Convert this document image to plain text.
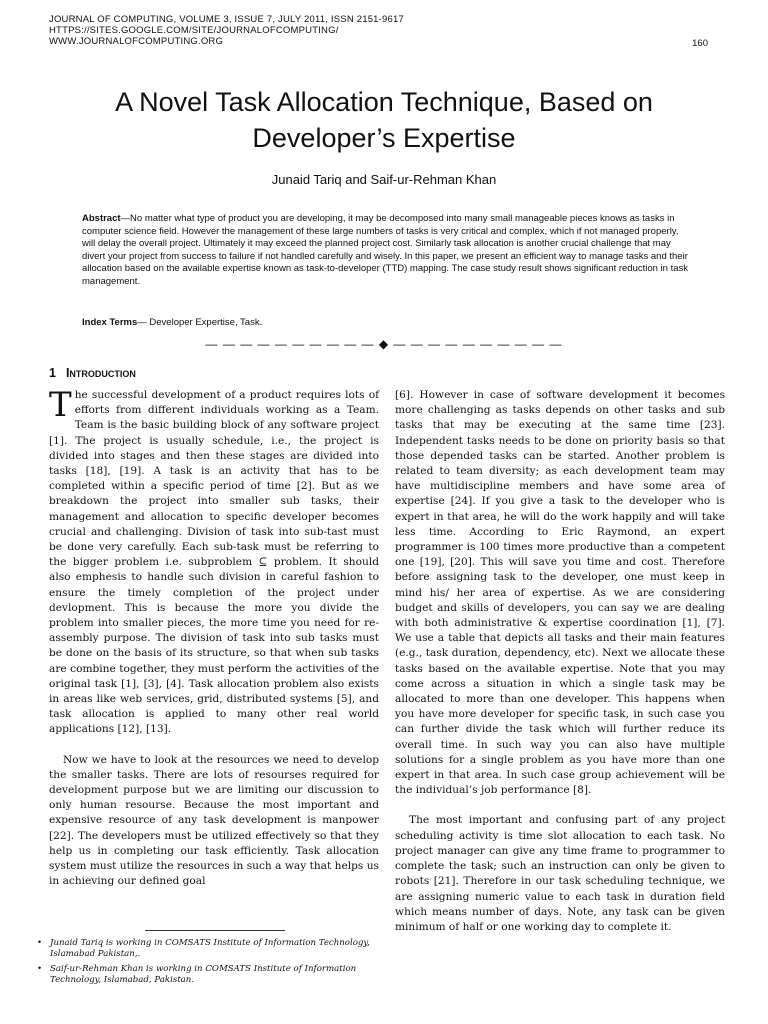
JOURNAL OF COMPUTING, VOLUME 3, ISSUE 7, JULY 2011, ISSN 2151-9617
HTTPS://SITES.GOOGLE.COM/SITE/JOURNALOFCOMPUTING/
WWW.JOURNALOFCOMPUTING.ORG	160
A Novel Task Allocation Technique, Based on
Developer’s Expertise
Junaid Tariq and Saif-ur-Rehman Khan

Abstract—No matter what type of product you are developing, it may be decomposed into many small manageable pieces knows as tasks in computer science field. However the management of these large numbers of tasks is very critical and complex, which if not managed properly, will delay the overall project. Ultimately it may exceed the planned project cost. Similarly task allocation is another crucial challenge that may divert your project from success to failure if not handled carefully and wisely. In this paper, we present an efficient way to manage tasks and their allocation based on the available expertise known as task-to-developer (TTD) mapping. The case study result shows significant reduction in task management.

Index Terms— Developer Expertise, Task.

— — — — — — — — — — ◆ — — — — — — — — — —
1 Introduction

The successful development of a product requires lots of efforts from different individuals working as a Team. Team is the basic building block of any software project [1]. The project is usually schedule, i.e., the project is divided into stages and then these stages are divided into tasks [18], [19]. A task is an activity that has to be completed within a specific period of time [2]. But as we breakdown the project into smaller sub tasks, their management and allocation to specific developer becomes crucial and challenging. Division of task into sub-tast must be done very carefully. Each sub-task must be referring to the bigger problem i.e. subproblem ⊆ problem. It should also emphesis to handle such division in careful fashion to ensure the timely completion of the project under devlopment. This is because the more you divide the problem into smaller pieces, the more time you need for re-assembly purpose. The division of task into sub tasks must be done on the basis of its structure, so that when sub tasks are combine together, they must perform the activities of the original task [1], [3], [4]. Task allocation problem also exists in areas like web services, grid, distributed systems [5], and task allocation is applied to many other real world applications [12], [13].

Now we have to look at the resources we need to develop the smaller tasks. There are lots of resourses required for development purpose but we are limiting our discussion to only human resourse. Because the most important and expensive resource of any task development is manpower [22]. The developers must be utilized effectively so that they help us in completing our task efficiently. Task allocation system must utilize the resources in such a way that helps us in achieving our defined goal

[6]. However in case of software development it becomes more challenging as tasks depends on other tasks and sub tasks that may be executing at the same time [23]. Independent tasks needs to be done on priority basis so that those depended tasks can be started. Another problem is related to team diversity; as each development team may have multidiscipline members and have some area of expertise [24]. If you give a task to the developer who is expert in that area, he will do the work happily and will take less time. According to Eric Raymond, an expert programmer is 100 times more productive than a competent one [19], [20]. This will save you time and cost. Therefore before assigning task to the developer, one must keep in mind his/ her area of expertise. As we are considering budget and skills of developers, you can say we are dealing with both administrative & expertise coordination [1], [7]. We use a table that depicts all tasks and their main features (e.g., task duration, dependency, etc). Next we allocate these tasks based on the available expertise. Note that you may come across a situation in which a single task may be allocated to more than one developer. This happens when you have more developer for specific task, in such case you can further divide the task which will further reduce its overall time. In such way you can also have multiple solutions for a single problem as you have more than one expert in that area. In such case group achievement will be the individual’s job performance [8].

The most important and confusing part of any project scheduling activity is time slot allocation to each task. No project manager can give any time frame to programmer to complete the task; such an instruction can only be given to robots [21]. Therefore in our task scheduling technique, we are assigning numeric value to each task in duration field which means number of days. Note, any task can be given minimum of half or one working day to complete it.

• Junaid Tariq is working in COMSATS Institute of Information Technology, Islamabad Pakistan,.
• Saif-ur-Rehman Khan is working in COMSATS Institute of Information Technology, Islamabad, Pakistan.
